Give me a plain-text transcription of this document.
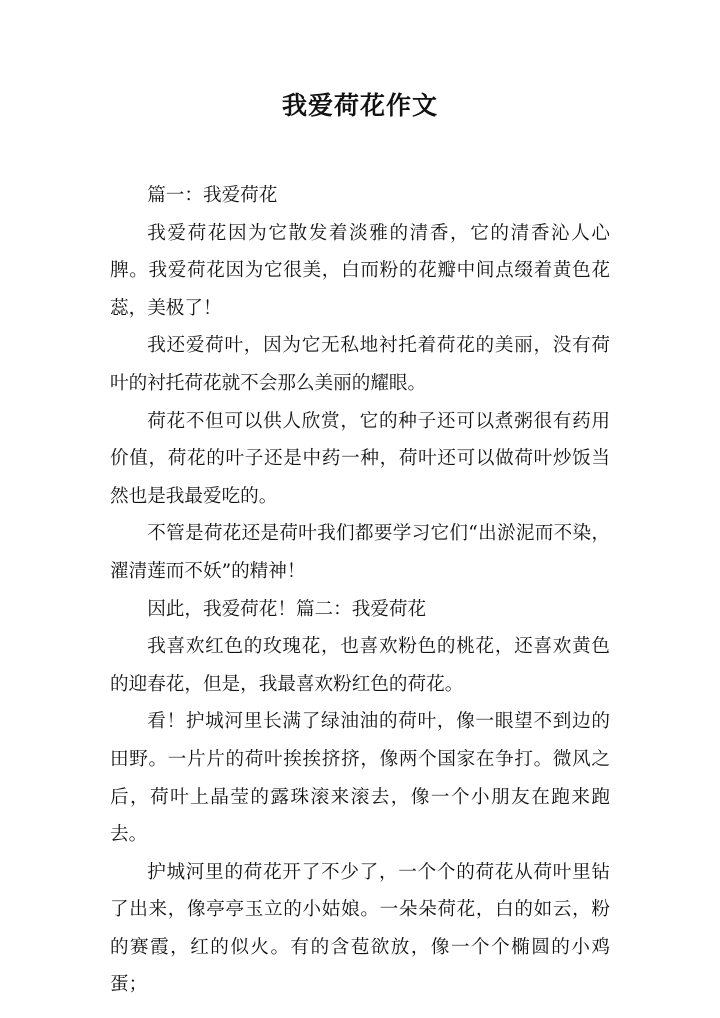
我爱荷花作文

篇一：我爱荷花

我爱荷花因为它散发着淡雅的清香，它的清香沁人心脾。我爱荷花因为它很美，白而粉的花瓣中间点缀着黄色花蕊，美极了！

我还爱荷叶，因为它无私地衬托着荷花的美丽，没有荷叶的衬托荷花就不会那么美丽的耀眼。

荷花不但可以供人欣赏，它的种子还可以煮粥很有药用价值，荷花的叶子还是中药一种，荷叶还可以做荷叶炒饭当然也是我最爱吃的。

不管是荷花还是荷叶我们都要学习它们“出淤泥而不染，濯清莲而不妖”的精神！

因此，我爱荷花！篇二：我爱荷花

我喜欢红色的玫瑰花，也喜欢粉色的桃花，还喜欢黄色的迎春花，但是，我最喜欢粉红色的荷花。

看！护城河里长满了绿油油的荷叶，像一眼望不到边的田野。一片片的荷叶挨挨挤挤，像两个国家在争打。微风之后，荷叶上晶莹的露珠滚来滚去，像一个小朋友在跑来跑去。

护城河里的荷花开了不少了，一个个的荷花从荷叶里钻了出来，像亭亭玉立的小姑娘。一朵朵荷花，白的如云，粉的赛霞，红的似火。有的含苞欲放，像一个个椭圆的小鸡蛋；
